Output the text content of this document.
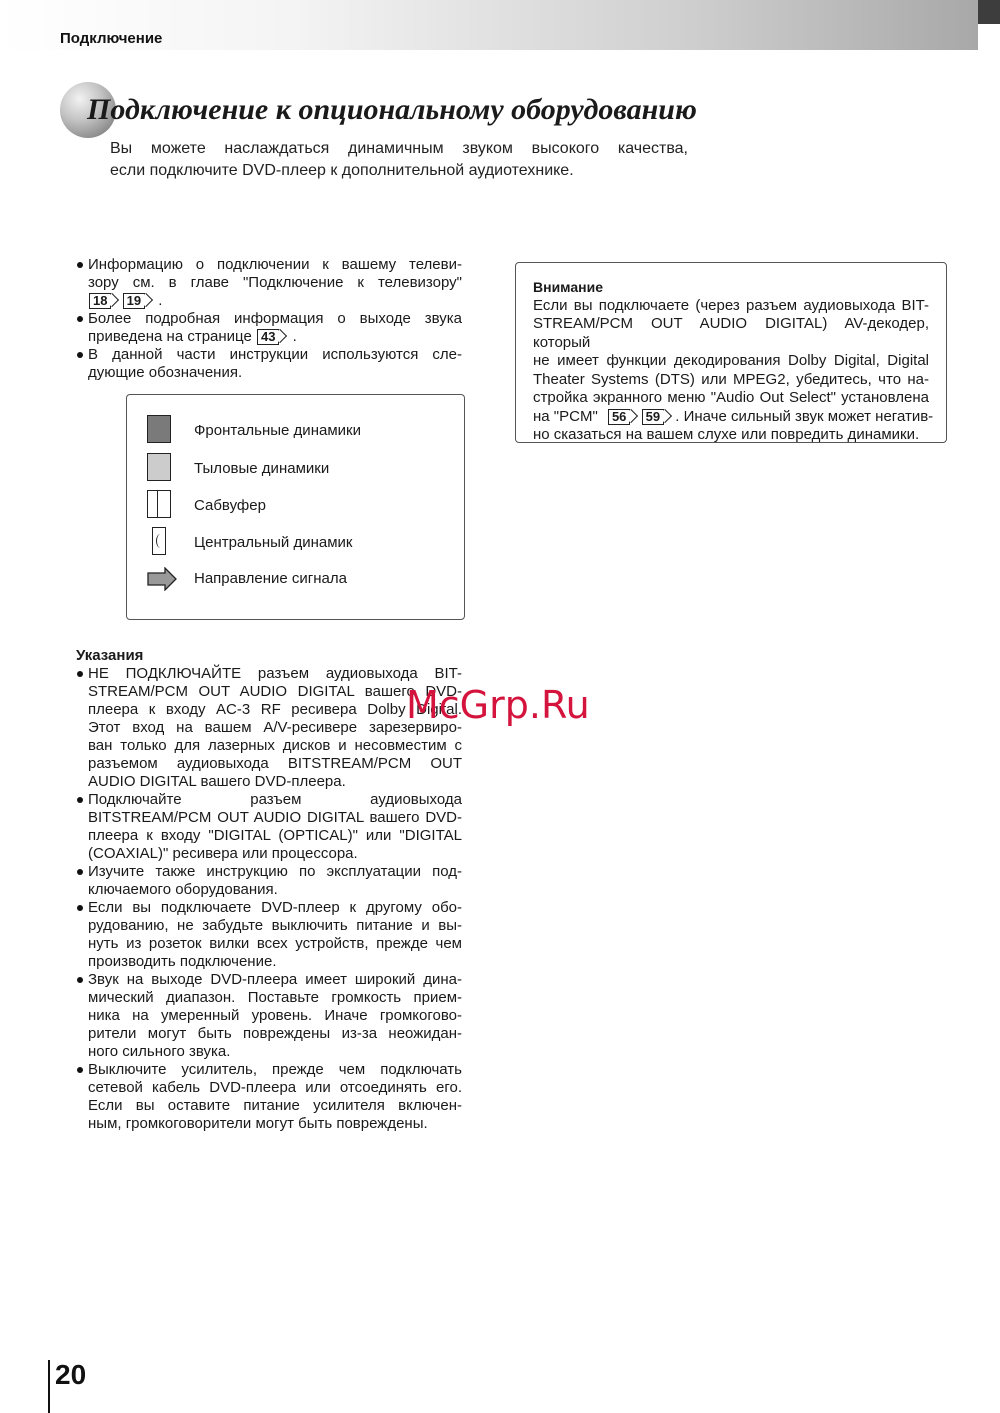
Подключение
Подключение к опциональному оборудованию

Вы можете наслаждаться динамичным звуком высокого качества,

если подключите DVD-плеер к дополнительной аудиотехнике.

Информацию о подключении к вашему телеви-
зору см. в главе "Подключение к телевизору"
18 19 .
Более подробная информация о выходе звука
приведена на странице 43 .
В данной части инструкции используются сле-
дующие обозначения.
Фронтальные динамики
Тыловые динамики
Сабвуфер
Центральный динамик
Направление сигнала
Указания
НЕ ПОДКЛЮЧАЙТЕ разъем аудиовыхода BIT-
STREAM/PCM OUT AUDIO DIGITAL вашего DVD-
плеера к входу AC-3 RF ресивера Dolby Digital.
Этот вход на вашем A/V-ресивере зарезервиро-
ван только для лазерных дисков и несовместим с
разъемом аудиовыхода BITSTREAM/PCM OUT
AUDIO DIGITAL вашего DVD-плеера.
Подключайте разъем аудиовыхода
BITSTREAM/PCM OUT AUDIO DIGITAL вашего DVD-
плеера к входу "DIGITAL (OPTICAL)" или "DIGITAL
(COAXIAL)" ресивера или процессора.
Изучите также инструкцию по эксплуатации под-
ключаемого оборудования.
Если вы подключаете DVD-плеер к другому обо-
рудованию, не забудьте выключить питание и вы-
нуть из розеток вилки всех устройств, прежде чем
производить подключение.
Звук на выходе DVD-плеера имеет широкий дина-
мический диапазон. Поставьте громкость прием-
ника на умеренный уровень. Иначе громкогово-
рители могут быть повреждены из-за неожидан-
ного сильного звука.
Выключите усилитель, прежде чем подключать
сетевой кабель DVD-плеера или отсоединять его.
Если вы оставите питание усилителя включен-
ным, громкоговорители могут быть повреждены.
Внимание
Если вы подключаете (через разъем аудиовыхода BIT-
STREAM/PCM OUT AUDIO DIGITAL) AV-декодер, который
не имеет функции декодирования Dolby Digital, Digital
Theater Systems (DTS) или MPEG2, убедитесь, что на-
стройка экранного меню "Audio Out Select" установлена
на "PCM" 56 59 . Иначе сильный звук может негатив-
но сказаться на вашем слухе или повредить динамики.
McGrp.Ru
20
